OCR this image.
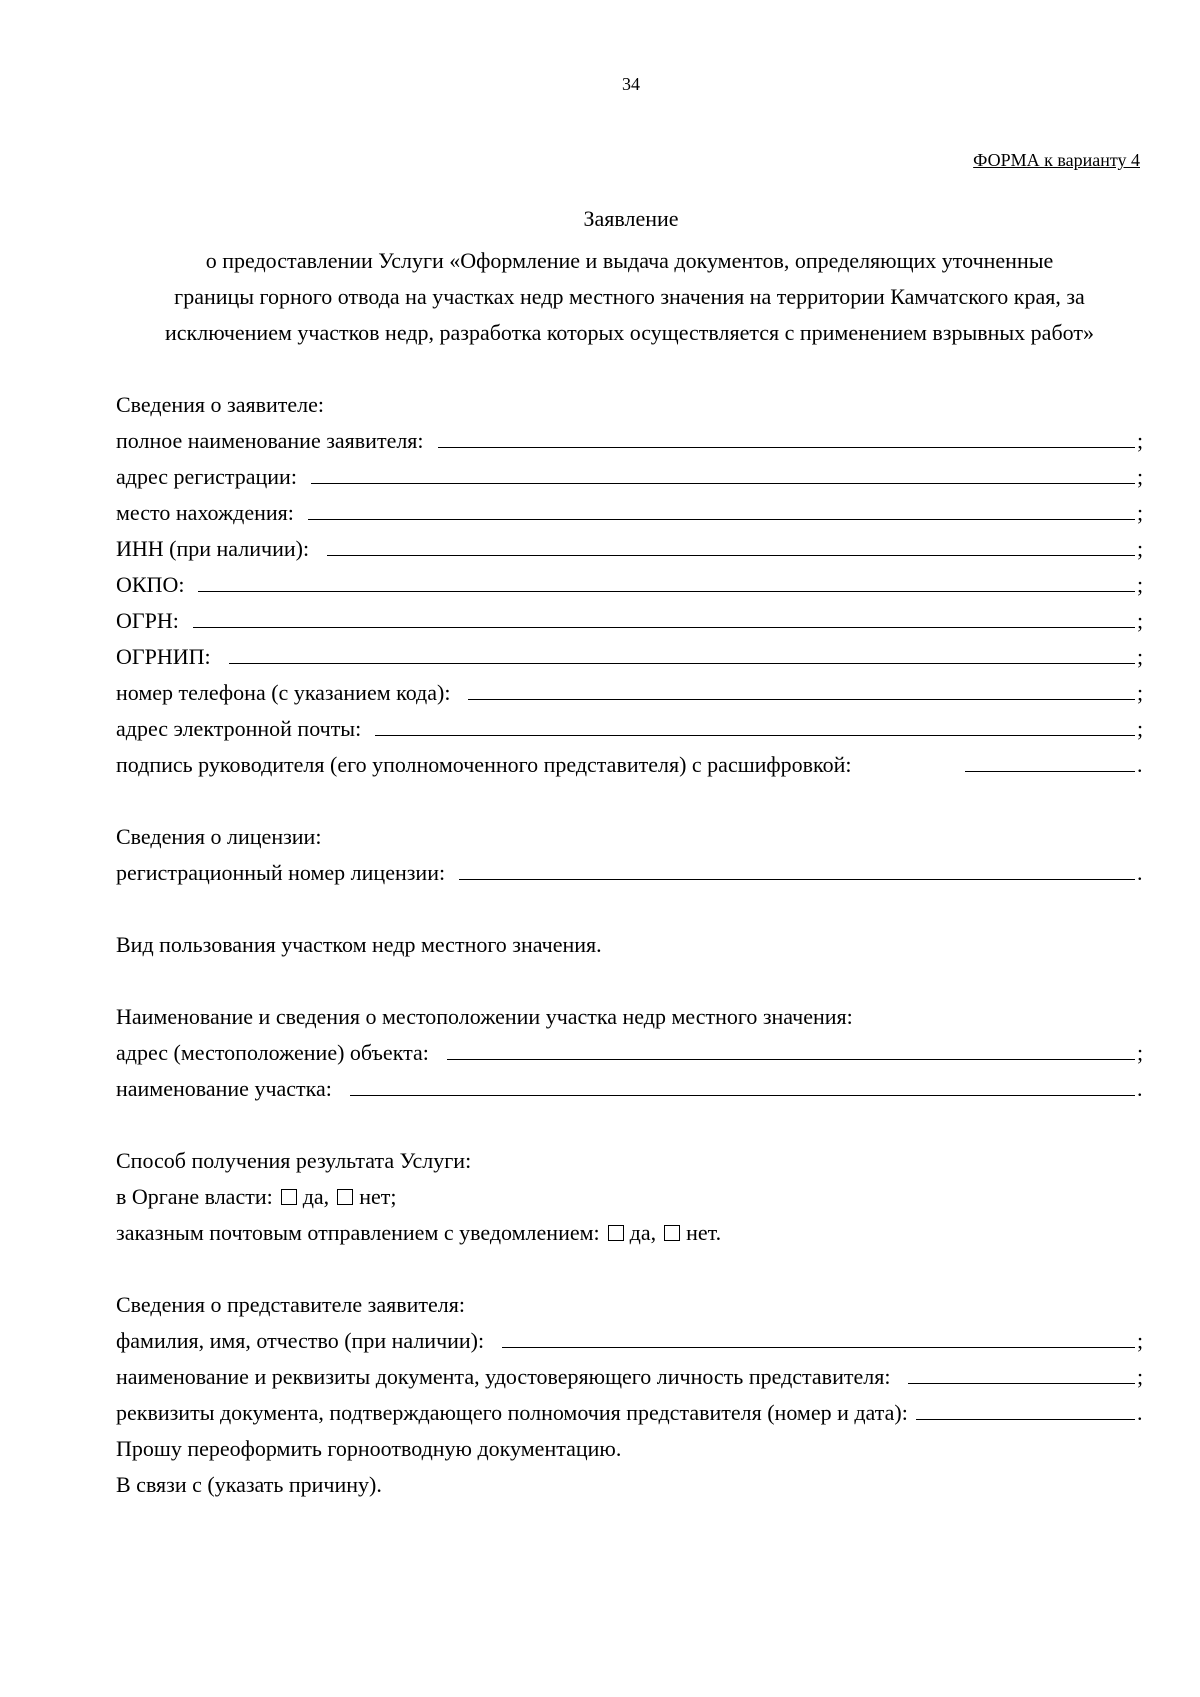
34
ФОРМА к варианту 4
Заявление
о предоставлении Услуги «Оформление и выдача документов, определяющих уточненные
границы горного отвода на участках недр местного значения на территории Камчатского края, за
исключением участков недр, разработка которых осуществляется с применением взрывных работ»
Сведения о заявителе:
полное наименование заявителя:	;
адрес регистрации:	;
место нахождения:	;
ИНН (при наличии):	;
ОКПО:	;
ОГРН:	;
ОГРНИП:	;
номер телефона (с указанием кода):	;
адрес электронной почты:	;
подпись руководителя (его уполномоченного представителя) с расшифровкой:	.
Сведения о лицензии:
регистрационный номер лицензии:	.
Вид пользования участком недр местного значения.
Наименование и сведения о местоположении участка недр местного значения:
адрес (местоположение) объекта:	;
наименование участка:	.
Способ получения результата Услуги:
в Органе власти: да, нет;
заказным почтовым отправлением с уведомлением: да, нет.
Сведения о представителе заявителя:
фамилия, имя, отчество (при наличии):	;
наименование и реквизиты документа, удостоверяющего личность представителя:	;
реквизиты документа, подтверждающего полномочия представителя (номер и дата):	.
Прошу переоформить горноотводную документацию.
В связи с (указать причину).
